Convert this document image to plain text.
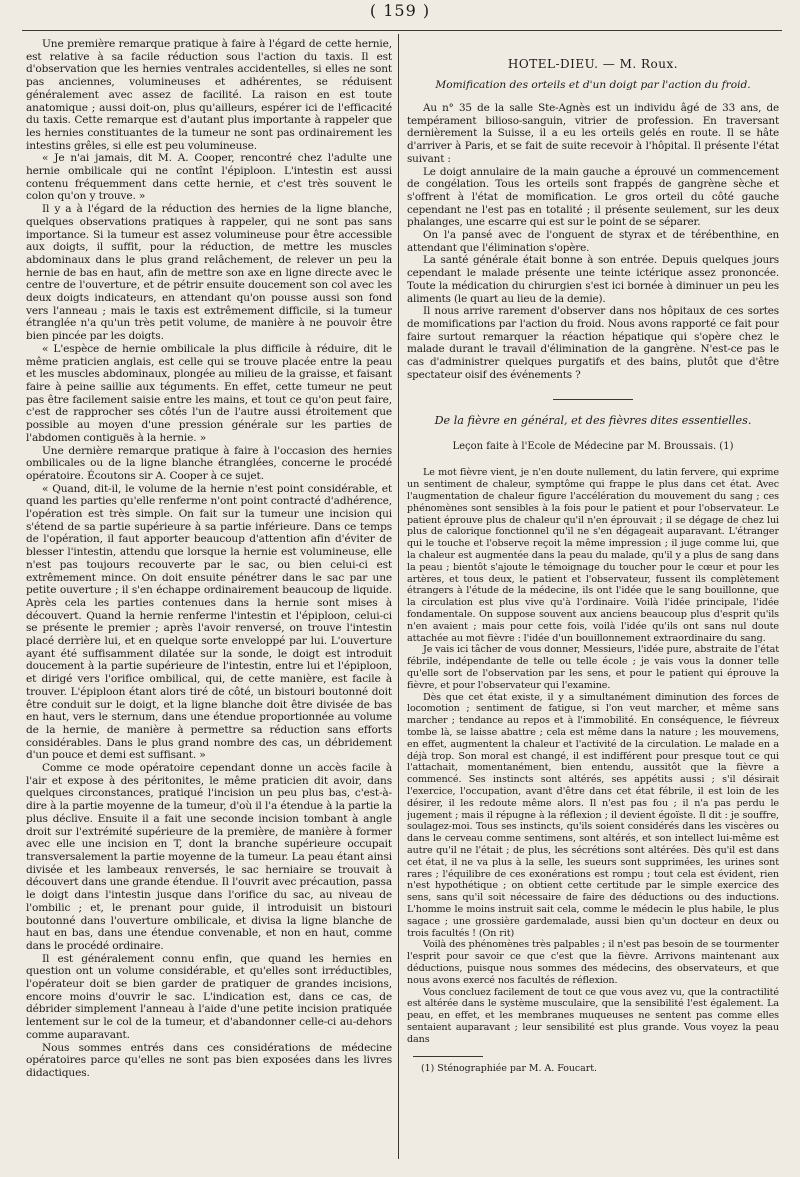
( 159 )

Une première remarque pratique à faire à l'égard de cette hernie, est relative à sa facile réduction sous l'action du taxis. Il est d'observation que les hernies ventrales accidentelles, si elles ne sont pas anciennes, volumineuses et adhérentes, se réduisent généralement avec assez de facilité. La raison en est toute anatomique ; aussi doit-on, plus qu'ailleurs, espérer ici de l'efficacité du taxis. Cette remarque est d'autant plus importante à rappeler que les hernies constituantes de la tumeur ne sont pas ordinairement les intestins grêles, si elle est peu volumineuse.

« Je n'ai jamais, dit M. A. Cooper, rencontré chez l'adulte une hernie ombilicale qui ne contînt l'épiploon. L'intestin est aussi contenu fréquemment dans cette hernie, et c'est très souvent le colon qu'on y trouve. »

Il y a à l'égard de la réduction des hernies de la ligne blanche, quelques observations pratiques à rappeler, qui ne sont pas sans importance. Si la tumeur est assez volumineuse pour être accessible aux doigts, il suffit, pour la réduction, de mettre les muscles abdominaux dans le plus grand relâchement, de relever un peu la hernie de bas en haut, afin de mettre son axe en ligne directe avec le centre de l'ouverture, et de pétrir ensuite doucement son col avec les deux doigts indicateurs, en attendant qu'on pousse aussi son fond vers l'anneau ; mais le taxis est extrêmement difficile, si la tumeur étranglée n'a qu'un très petit volume, de manière à ne pouvoir être bien pincée par les doigts.

« L'espèce de hernie ombilicale la plus difficile à réduire, dit le même praticien anglais, est celle qui se trouve placée entre la peau et les muscles abdominaux, plongée au milieu de la graisse, et faisant faire à peine saillie aux téguments. En effet, cette tumeur ne peut pas être facilement saisie entre les mains, et tout ce qu'on peut faire, c'est de rapprocher ses côtés l'un de l'autre aussi étroitement que possible au moyen d'une pression générale sur les parties de l'abdomen contiguës à la hernie. »

Une dernière remarque pratique à faire à l'occasion des hernies ombilicales ou de la ligne blanche étranglées, concerne le procédé opératoire. Écoutons sir A. Cooper à ce sujet.

« Quand, dit-il, le volume de la hernie n'est point considérable, et quand les parties qu'elle renferme n'ont point contracté d'adhérence, l'opération est très simple. On fait sur la tumeur une incision qui s'étend de sa partie supérieure à sa partie inférieure. Dans ce temps de l'opération, il faut apporter beaucoup d'attention afin d'éviter de blesser l'intestin, attendu que lorsque la hernie est volumineuse, elle n'est pas toujours recouverte par le sac, ou bien celui-ci est extrêmement mince. On doit ensuite pénétrer dans le sac par une petite ouverture ; il s'en échappe ordinairement beaucoup de liquide. Après cela les parties contenues dans la hernie sont mises à découvert. Quand la hernie renferme l'intestin et l'épiploon, celui-ci se présente le premier ; après l'avoir renversé, on trouve l'intestin placé derrière lui, et en quelque sorte enveloppé par lui. L'ouverture ayant été suffisamment dilatée sur la sonde, le doigt est introduit doucement à la partie supérieure de l'intestin, entre lui et l'épiploon, et dirigé vers l'orifice ombilical, qui, de cette manière, est facile à trouver. L'épiploon étant alors tiré de côté, un bistouri boutonné doit être conduit sur le doigt, et la ligne blanche doit être divisée de bas en haut, vers le sternum, dans une étendue proportionnée au volume de la hernie, de manière à permettre sa réduction sans efforts considérables. Dans le plus grand nombre des cas, un débridement d'un pouce et demi est suffisant. »

Comme ce mode opératoire cependant donne un accès facile à l'air et expose à des péritonites, le même praticien dit avoir, dans quelques circonstances, pratiqué l'incision un peu plus bas, c'est-à-dire à la partie moyenne de la tumeur, d'où il l'a étendue à la partie la plus déclive. Ensuite il a fait une seconde incision tombant à angle droit sur l'extrémité supérieure de la première, de manière à former avec elle une incision en T, dont la branche supérieure occupait transversalement la partie moyenne de la tumeur. La peau étant ainsi divisée et les lambeaux renversés, le sac herniaire se trouvait à découvert dans une grande étendue. Il l'ouvrit avec précaution, passa le doigt dans l'intestin jusque dans l'orifice du sac, au niveau de l'ombilic ; et, le prenant pour guide, il introduisit un bistouri boutonné dans l'ouverture ombilicale, et divisa la ligne blanche de haut en bas, dans une étendue convenable, et non en haut, comme dans le procédé ordinaire.

Il est généralement connu enfin, que quand les hernies en question ont un volume considérable, et qu'elles sont irréductibles, l'opérateur doit se bien garder de pratiquer de grandes incisions, encore moins d'ouvrir le sac. L'indication est, dans ce cas, de débrider simplement l'anneau à l'aide d'une petite incision pratiquée lentement sur le col de la tumeur, et d'abandonner celle-ci au-dehors comme auparavant.

Nous sommes entrés dans ces considérations de médecine opératoires parce qu'elles ne sont pas bien exposées dans les livres didactiques.

HOTEL-DIEU. — M. Roux.
Momification des orteils et d'un doigt par l'action du froid.

Au n° 35 de la salle Ste-Agnès est un individu âgé de 33 ans, de tempérament bilioso-sanguin, vitrier de profession. En traversant dernièrement la Suisse, il a eu les orteils gelés en route. Il se hâte d'arriver à Paris, et se fait de suite recevoir à l'hôpital. Il présente l'état suivant :

Le doigt annulaire de la main gauche a éprouvé un commencement de congélation. Tous les orteils sont frappés de gangrène sèche et s'offrent à l'état de momification. Le gros orteil du côté gauche cependant ne l'est pas en totalité ; il présente seulement, sur les deux phalanges, une escarre qui est sur le point de se séparer.

On l'a pansé avec de l'onguent de styrax et de térébenthine, en attendant que l'élimination s'opère.

La santé générale était bonne à son entrée. Depuis quelques jours cependant le malade présente une teinte ictérique assez prononcée. Toute la médication du chirurgien s'est ici bornée à diminuer un peu les aliments (le quart au lieu de la demie).

Il nous arrive rarement d'observer dans nos hôpitaux de ces sortes de momifications par l'action du froid. Nous avons rapporté ce fait pour faire surtout remarquer la réaction hépatique qui s'opère chez le malade durant le travail d'élimination de la gangrène. N'est-ce pas le cas d'administrer quelques purgatifs et des bains, plutôt que d'être spectateur oisif des événements ?

De la fièvre en général, et des fièvres dites essentielles.
Leçon faite à l'Ecole de Médecine par M. Broussais. (1)

Le mot fièvre vient, je n'en doute nullement, du latin fervere, qui exprime un sentiment de chaleur, symptôme qui frappe le plus dans cet état. Avec l'augmentation de chaleur figure l'accélération du mouvement du sang ; ces phénomènes sont sensibles à la fois pour le patient et pour l'observateur. Le patient éprouve plus de chaleur qu'il n'en éprouvait ; il se dégage de chez lui plus de calorique fonctionnel qu'il ne s'en dégageait auparavant. L'étranger qui le touche et l'observe reçoit la même impression ; il juge comme lui, que la chaleur est augmentée dans la peau du malade, qu'il y a plus de sang dans la peau ; bientôt s'ajoute le témoignage du toucher pour le cœur et pour les artères, et tous deux, le patient et l'observateur, fussent ils complètement étrangers à l'étude de la médecine, ils ont l'idée que le sang bouillonne, que la circulation est plus vive qu'à l'ordinaire. Voilà l'idée principale, l'idée fondamentale. On suppose souvent aux anciens beaucoup plus d'esprit qu'ils n'en avaient ; mais pour cette fois, voilà l'idée qu'ils ont sans nul doute attachée au mot fièvre : l'idée d'un bouillonnement extraordinaire du sang.

Je vais ici tâcher de vous donner, Messieurs, l'idée pure, abstraite de l'état fébrile, indépendante de telle ou telle école ; je vais vous la donner telle qu'elle sort de l'observation par les sens, et pour le patient qui éprouve la fièvre, et pour l'observateur qui l'examine.

Dès que cet état existe, il y a simultanément diminution des forces de locomotion ; sentiment de fatigue, si l'on veut marcher, et même sans marcher ; tendance au repos et à l'immobilité. En conséquence, le fiévreux tombe là, se laisse abattre ; cela est même dans la nature ; les mouvemens, en effet, augmentent la chaleur et l'activité de la circulation. Le malade en a déjà trop. Son moral est changé, il est indifférent pour presque tout ce qui l'attachait, momentanément, bien entendu, aussitôt que la fièvre a commencé. Ses instincts sont altérés, ses appétits aussi ; s'il désirait l'exercice, l'occupation, avant d'être dans cet état fébrile, il est loin de les désirer, il les redoute même alors. Il n'est pas fou ; il n'a pas perdu le jugement ; mais il répugne à la réflexion ; il devient égoïste. Il dit : je souffre, soulagez-moi. Tous ses instincts, qu'ils soient considérés dans les viscères ou dans le cerveau comme sentimens, sont altérés, et son intellect lui-même est autre qu'il ne l'était ; de plus, les sécrétions sont altérées. Dès qu'il est dans cet état, il ne va plus à la selle, les sueurs sont supprimées, les urines sont rares ; l'équilibre de ces exonérations est rompu ; tout cela est évident, rien n'est hypothétique ; on obtient cette certitude par le simple exercice des sens, sans qu'il soit nécessaire de faire des déductions ou des inductions. L'homme le moins instruit sait cela, comme le médecin le plus habile, le plus sagace ; une grossière gardemalade, aussi bien qu'un docteur en deux ou trois facultés ! (On rit)

Voilà des phénomènes très palpables ; il n'est pas besoin de se tourmenter l'esprit pour savoir ce que c'est que la fièvre. Arrivons maintenant aux déductions, puisque nous sommes des médecins, des observateurs, et que nous avons exercé nos facultés de réflexion.

Vous concluez facilement de tout ce que vous avez vu, que la contractilité est altérée dans le système musculaire, que la sensibilité l'est également. La peau, en effet, et les membranes muqueuses ne sentent pas comme elles sentaient auparavant ; leur sensibilité est plus grande. Vous voyez la peau dans

(1) Sténographiée par M. A. Foucart.
